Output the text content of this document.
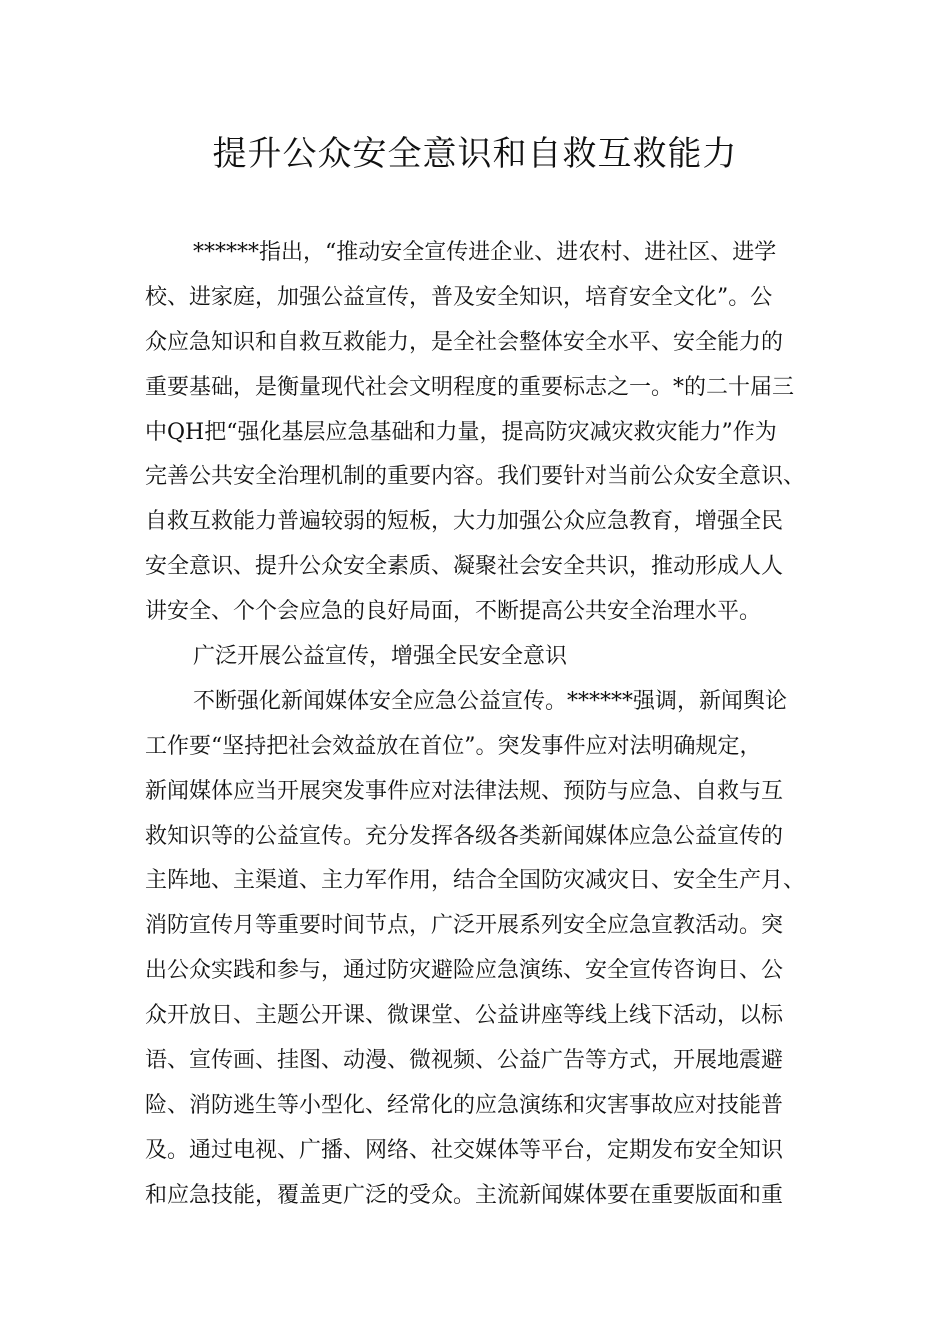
提升公众安全意识和自救互救能力
******指出，“推动安全宣传进企业、进农村、进社区、进学
校、进家庭，加强公益宣传，普及安全知识，培育安全文化”。公
众应急知识和自救互救能力，是全社会整体安全水平、安全能力的
重要基础，是衡量现代社会文明程度的重要标志之一。*的二十届三
中QH把“强化基层应急基础和力量，提高防灾减灾救灾能力”作为
完善公共安全治理机制的重要内容。我们要针对当前公众安全意识、
自救互救能力普遍较弱的短板，大力加强公众应急教育，增强全民
安全意识、提升公众安全素质、凝聚社会安全共识，推动形成人人
讲安全、个个会应急的良好局面，不断提高公共安全治理水平。
广泛开展公益宣传，增强全民安全意识
不断强化新闻媒体安全应急公益宣传。******强调，新闻舆论
工作要“坚持把社会效益放在首位”。突发事件应对法明确规定，
新闻媒体应当开展突发事件应对法律法规、预防与应急、自救与互
救知识等的公益宣传。充分发挥各级各类新闻媒体应急公益宣传的
主阵地、主渠道、主力军作用，结合全国防灾减灾日、安全生产月、
消防宣传月等重要时间节点，广泛开展系列安全应急宣教活动。突
出公众实践和参与，通过防灾避险应急演练、安全宣传咨询日、公
众开放日、主题公开课、微课堂、公益讲座等线上线下活动，以标
语、宣传画、挂图、动漫、微视频、公益广告等方式，开展地震避
险、消防逃生等小型化、经常化的应急演练和灾害事故应对技能普
及。通过电视、广播、网络、社交媒体等平台，定期发布安全知识
和应急技能，覆盖更广泛的受众。主流新闻媒体要在重要版面和重
